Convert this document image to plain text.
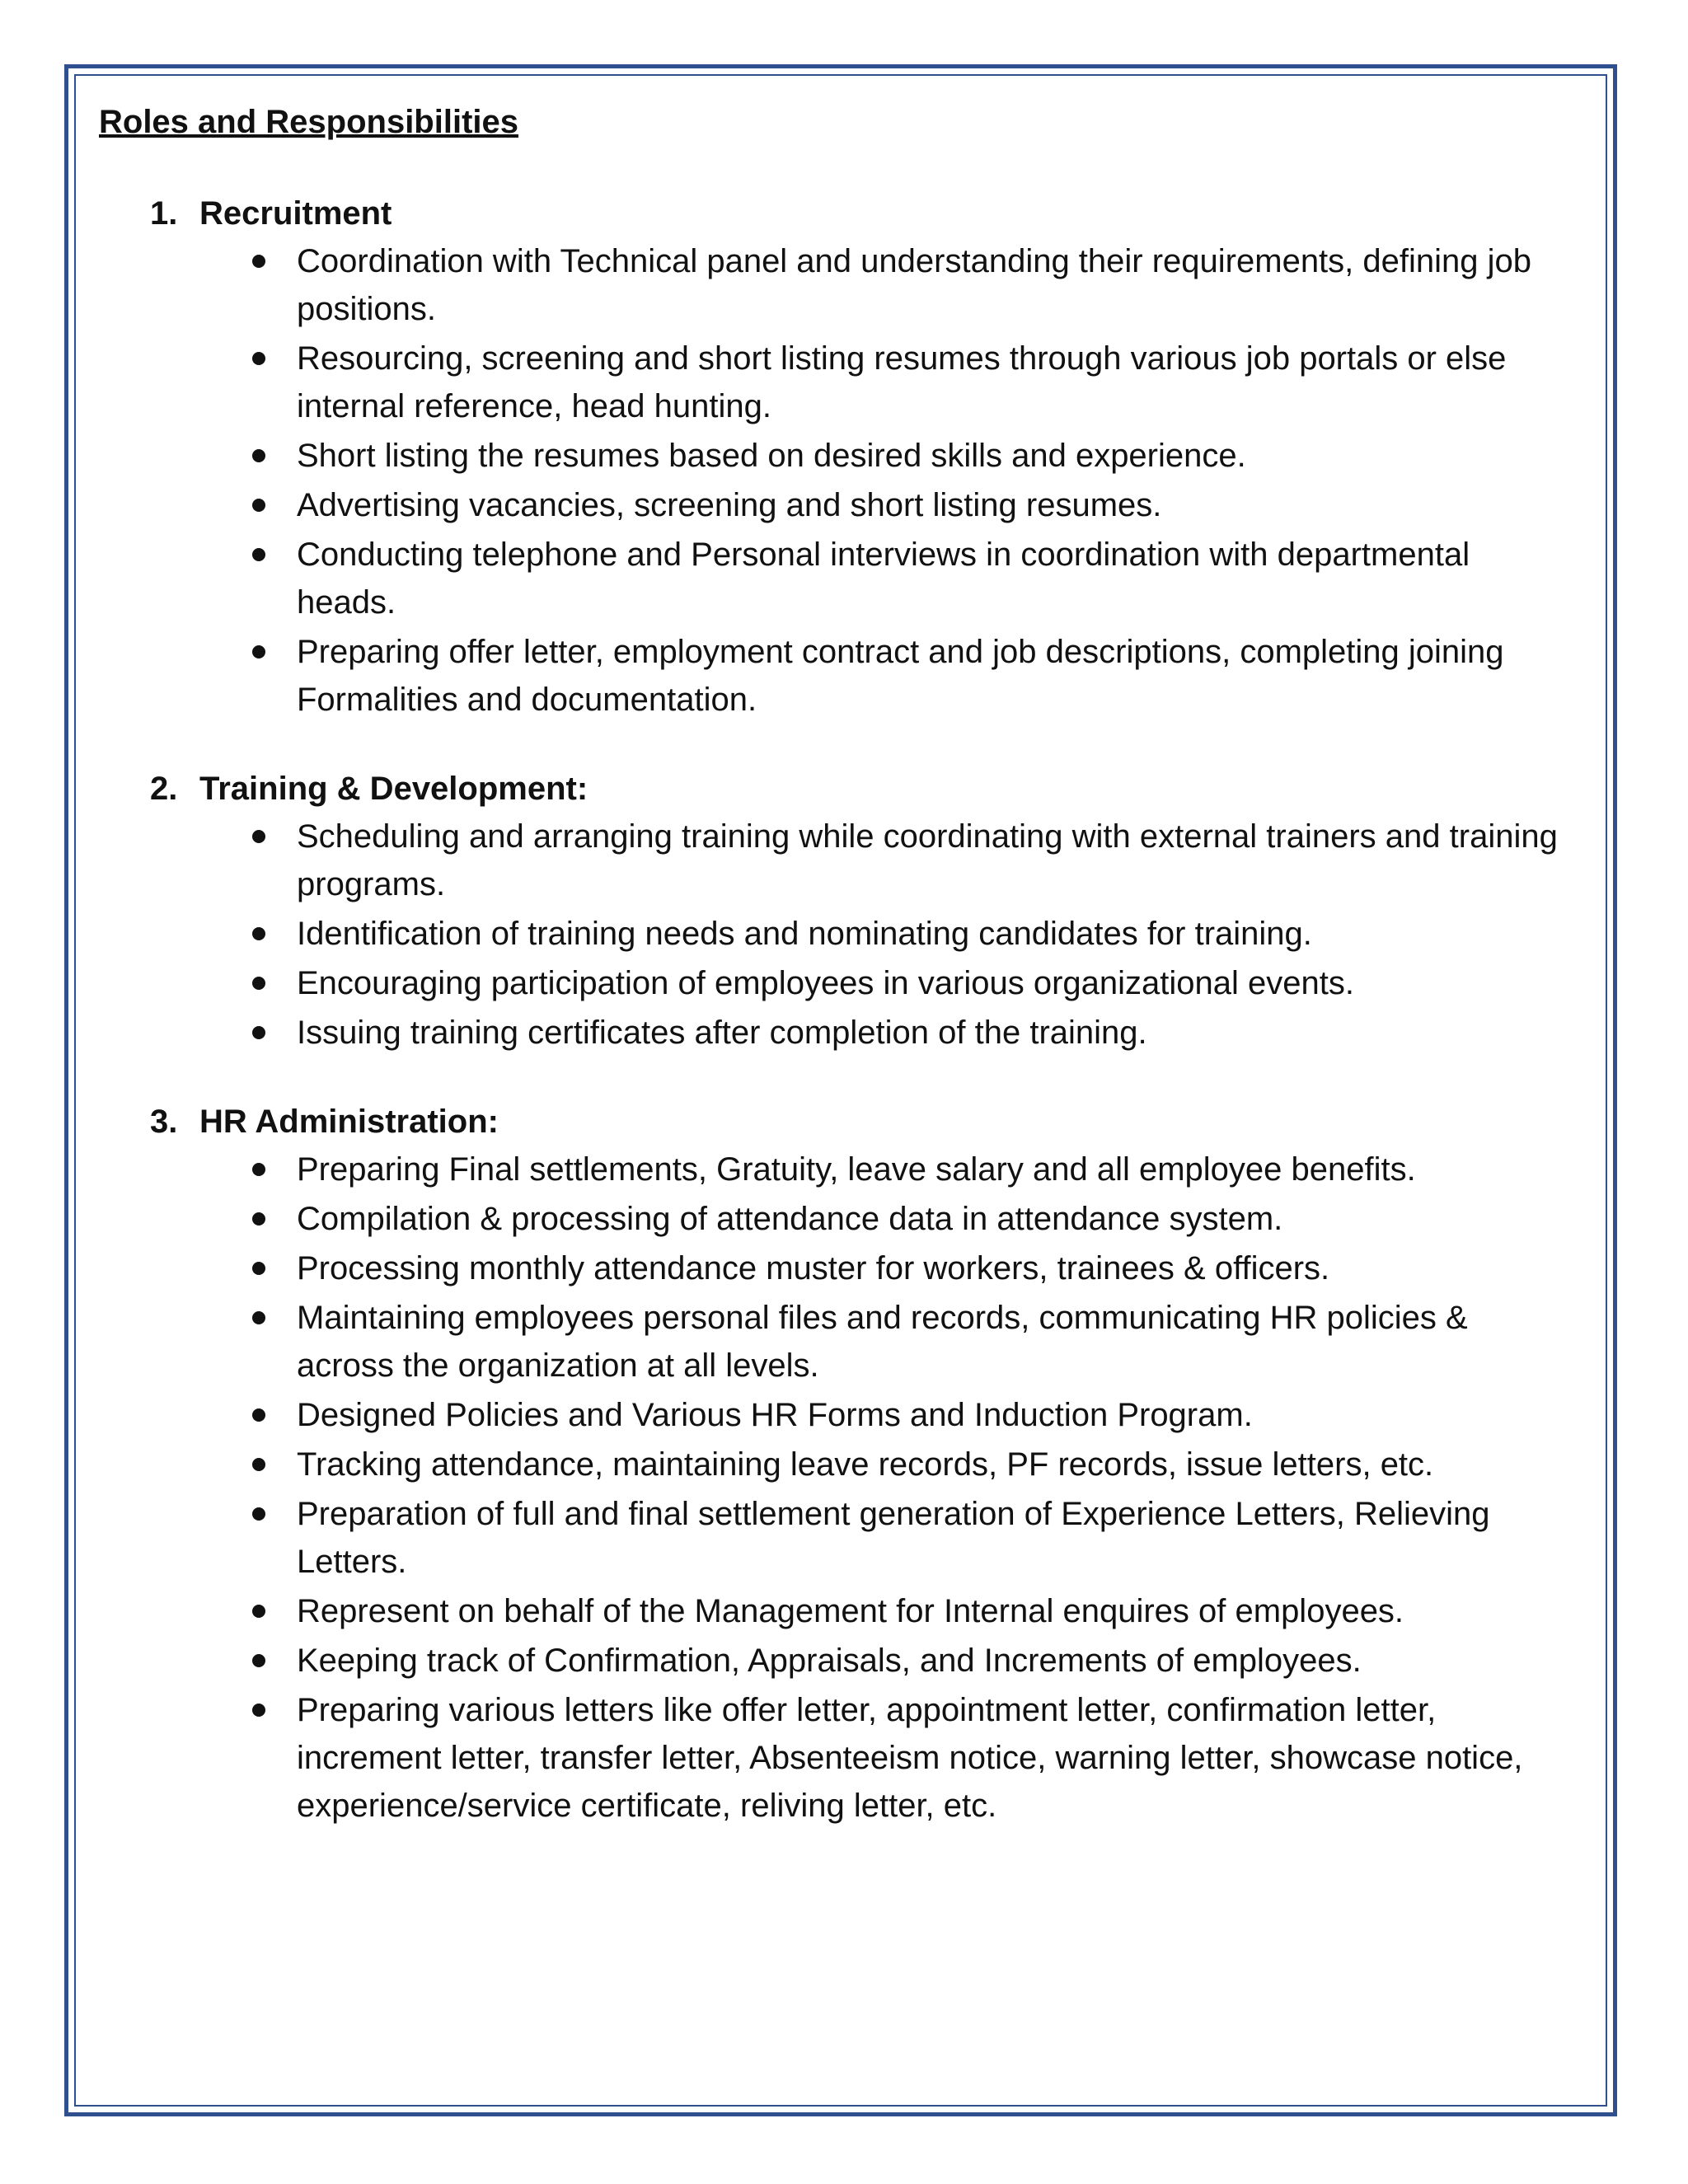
Roles and Responsibilities
1. Recruitment
Coordination with Technical panel and understanding their requirements, defining job positions.
Resourcing, screening and short listing resumes through various job portals or else internal reference, head hunting.
Short listing the resumes based on desired skills and experience.
Advertising vacancies, screening and short listing resumes.
Conducting telephone and Personal interviews in coordination with departmental heads.
Preparing offer letter, employment contract and job descriptions, completing joining Formalities and documentation.
2. Training & Development:
Scheduling and arranging training while coordinating with external trainers and training programs.
Identification of training needs and nominating candidates for training.
Encouraging participation of employees in various organizational events.
Issuing training certificates after completion of the training.
3. HR Administration:
Preparing Final settlements, Gratuity, leave salary and all employee benefits.
Compilation & processing of attendance data in attendance system.
Processing monthly attendance muster for workers, trainees & officers.
Maintaining employees personal files and records, communicating HR policies & across the organization at all levels.
Designed Policies and Various HR Forms and Induction Program.
Tracking attendance, maintaining leave records, PF records, issue letters, etc.
Preparation of full and final settlement generation of Experience Letters, Relieving Letters.
Represent on behalf of the Management for Internal enquires of employees.
Keeping track of Confirmation, Appraisals, and Increments of employees.
Preparing various letters like offer letter, appointment letter, confirmation letter, increment letter, transfer letter, Absenteeism notice, warning letter, showcase notice, experience/service certificate, reliving letter, etc.
